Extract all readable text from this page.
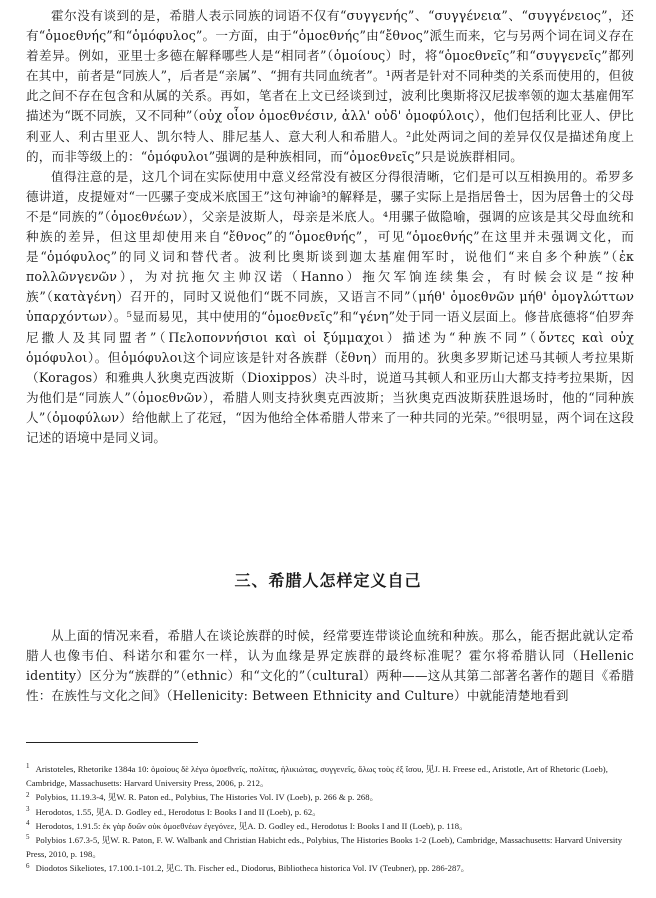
霍尔没有谈到的是，希腊人表示同族的词语不仅有“συγγενής”、“συγγένεια”、“συγγένειος”，还有“ὁμοεθνής”和“ὁμόφυλος”。一方面，由于“ὁμοεθνής”由“ἔθνος”派生而来，它与另两个词在词义存在着差异。例如，亚里士多德在解释哪些人是“相同者”（ὁμοίους）时，将“ὁμοεθνεῖς”和“συγγενεῖς”都列在其中，前者是“同族人”，后者是“亲属”、“拥有共同血统者”。¹两者是针对不同种类的关系而使用的，但彼此之间不存在包含和从属的关系。再如，笔者在上文已经谈到过，波利比奥斯将汉尼拔率领的迦太基雇佣军描述为“既不同族，又不同种”（οὐχ οἷον ὁμοεθνέσιν, ἀλλ' οὐδ' ὁμοφύλοις），他们包括利比亚人、伊比利亚人、利古里亚人、凯尔特人、腓尼基人、意大利人和希腊人。²此处两词之间的差异仅仅是描述角度上的，而非等级上的：“ὁμόφυλοι”强调的是种族相同，而“ὁμοεθνεῖς”只是说族群相同。

值得注意的是，这几个词在实际使用中意义经常没有被区分得很清晰，它们是可以互相换用的。希罗多德讲道，皮提娅对“一匹骡子变成米底国王”这句神谕³的解释是，骡子实际上是指居鲁士，因为居鲁士的父母不是“同族的”（ὁμοεθνέων），父亲是波斯人，母亲是米底人。⁴用骡子做隐喻，强调的应该是其父母血统和种族的差异，但这里却使用来自“ἔθνος”的“ὁμοεθνής”，可见“ὁμοεθνής”在这里并未强调文化，而是“ὁμόφυλος”的同义词和替代者。波利比奥斯谈到迦太基雇佣军时，说他们“来自多个种族”（ἐκ πολλῶνγενῶν），为对抗拖欠主帅汉诺（Hanno）拖欠军饷连续集会，有时候会议是“按种族”（κατὰγένη）召开的，同时又说他们“既不同族，又语言不同”（μήθ' ὁμοεθνῶν μήθ' ὁμογλώττων ὑπαρχόντων）。⁵显而易见，其中使用的“ὁμοεθνεῖς”和“γένη”处于同一语义层面上。修昔底德将“伯罗奔尼撒人及其同盟者”（Πελοποννήσιοι καὶ οἱ ξύμμαχοι）描述为“种族不同”（ὄντες καὶ οὐχ ὁμόφυλοι）。但ὁμόφυλοι这个词应该是针对各族群（ἔθνη）而用的。狄奥多罗斯记述马其顿人考拉果斯（Koragos）和雅典人狄奥克西波斯（Dioxippos）决斗时，说道马其顿人和亚历山大都支持考拉果斯，因为他们是“同族人”（ὁμοεθνῶν），希腊人则支持狄奥克西波斯；当狄奥克西波斯获胜退场时，他的“同种族人”（ὁμοφύλων）给他献上了花冠，“因为他给全体希腊人带来了一种共同的光荣。”⁶很明显，两个词在这段记述的语境中是同义词。

三、希腊人怎样定义自己

从上面的情况来看，希腊人在谈论族群的时候，经常要连带谈论血统和种族。那么，能否据此就认定希腊人也像韦伯、科诺尔和霍尔一样，认为血缘是界定族群的最终标准呢？霍尔将希腊认同（Hellenic identity）区分为“族群的”（ethnic）和“文化的”（cultural）两种——这从其第二部著名著作的题目《希腊性：在族性与文化之间》（Hellenicity: Between Ethnicity and Culture）中就能清楚地看到

$^1$ Aristoteles, Rhetorike 1384a 10: ὁμοίους δὲ λέγω ὁμοεθνεῖς, πολίτας, ἡλικιώτας, συγγενεῖς, ὅλως τοὺς ἐξ ἴσου, 见J. H. Freese ed., Aristotle, Art of Rhetoric (Loeb), Cambridge, Massachusetts: Harvard University Press, 2006, p. 212。

$^2$ Polybios, 11.19.3-4, 见W. R. Paton ed., Polybius, The Histories Vol. IV (Loeb), p. 266 & p. 268。

$^3$ Herodotos, 1.55, 见A. D. Godley ed., Herodotus I: Books I and II (Loeb), p. 62。

$^4$ Herodotos, 1.91.5: ἐκ γὰρ δυῶν οὐκ ὁμοεθνέων ἐγεγόνεε, 见A. D. Godley ed., Herodotus I: Books I and II (Loeb), p. 118。

$^5$ Polybios 1.67.3-5, 见W. R. Paton, F. W. Walbank and Christian Habicht eds., Polybius, The Histories Books 1-2 (Loeb), Cambridge, Massachusetts: Harvard University Press, 2010, p. 198。

$^6$ Diodotos Sikeliotes, 17.100.1-101.2, 见C. Th. Fischer ed., Diodorus, Bibliotheca historica Vol. IV (Teubner), pp. 286-287。
